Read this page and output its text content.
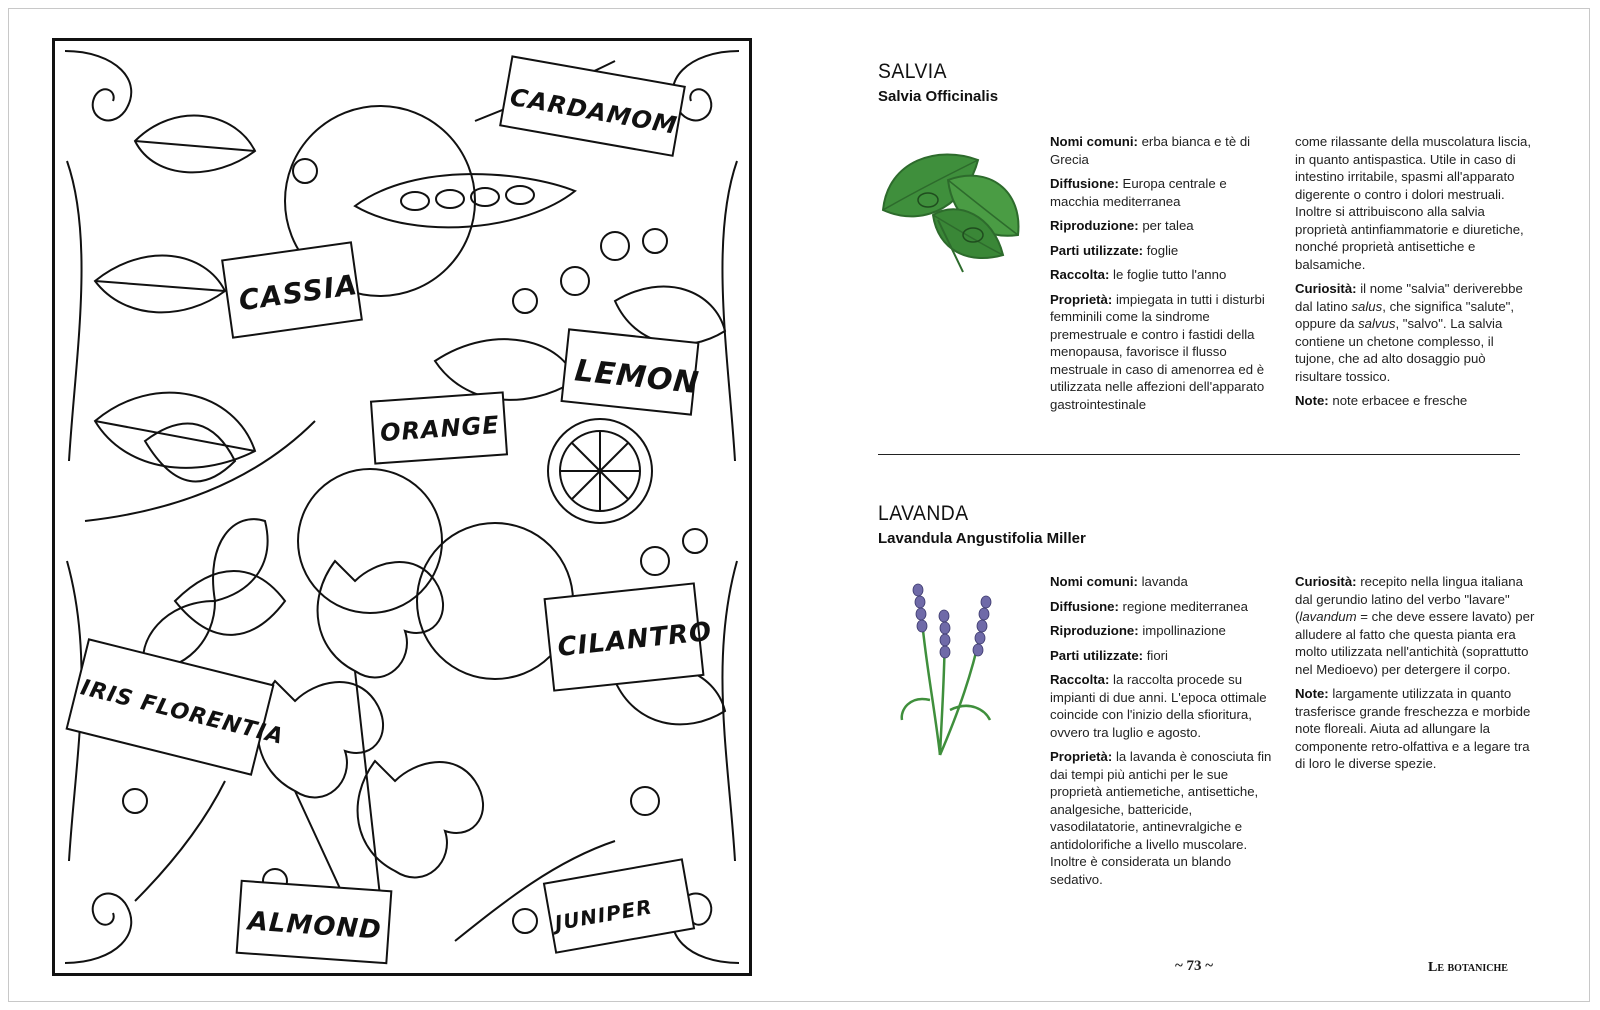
CARDAMOM
CASSIA
LEMON
ORANGE
CILANTRO
IRIS FLORENTIA
ALMOND	JUNIPER
SALVIA
Salvia Officinalis

Nomi comuni: erba bianca e tè di Grecia

Diffusione: Europa centrale e macchia mediterranea

Riproduzione: per talea

Parti utilizzate: foglie

Raccolta: le foglie tutto l'anno

Proprietà: impiegata in tutti i disturbi femminili come la sindrome premestruale e contro i fastidi della menopausa, favorisce il flusso mestruale in caso di amenorrea ed è utilizzata nelle affezioni dell'apparato gastrointestinale

come rilassante della muscolatura liscia, in quanto antispastica. Utile in caso di intestino irritabile, spasmi all'apparato digerente o contro i dolori mestruali. Inoltre si attribuiscono alla salvia proprietà antinfiammatorie e diuretiche, nonché proprietà antisettiche e balsamiche.

Curiosità: il nome "salvia" deriverebbe dal latino salus, che significa "salute", oppure da salvus, "salvo". La salvia contiene un chetone complesso, il tujone, che ad alto dosaggio può risultare tossico.

Note: note erbacee e fresche

LAVANDA
Lavandula Angustifolia Miller

Nomi comuni: lavanda

Diffusione: regione mediterranea

Riproduzione: impollinazione

Parti utilizzate: fiori

Raccolta: la raccolta procede su impianti di due anni. L'epoca ottimale coincide con l'inizio della sfioritura, ovvero tra luglio e agosto.

Proprietà: la lavanda è conosciuta fin dai tempi più antichi per le sue proprietà antiemetiche, antisettiche, analgesiche, battericide, vasodilatatorie, antinevralgiche e antidolorifiche a livello muscolare. Inoltre è considerata un blando sedativo.

Curiosità: recepito nella lingua italiana dal gerundio latino del verbo "lavare" (lavandum = che deve essere lavato) per alludere al fatto che questa pianta era molto utilizzata nell'antichità (soprattutto nel Medioevo) per detergere il corpo.

Note: largamente utilizzata in quanto trasferisce grande freschezza e morbide note floreali. Aiuta ad allungare la componente retro-olfattiva e a legare tra di loro le diverse spezie.

~ 73 ~	Le botaniche
